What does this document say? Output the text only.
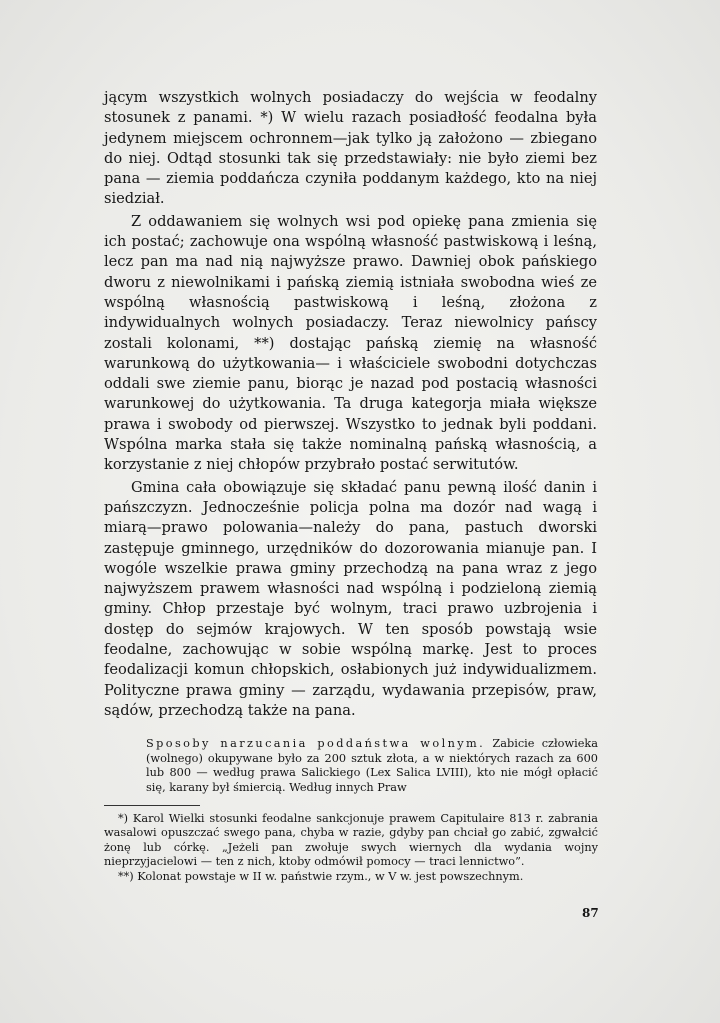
jącym wszystkich wolnych posiadaczy do wejścia w feodalny stosunek z panami. *) W wielu razach posiadłość feodalna była jedynem miejscem ochronnem—jak tylko ją założono — zbiegano do niej. Odtąd stosunki tak się przedstawiały: nie było ziemi bez pana — ziemia poddańcza czyniła poddanym każdego, kto na niej siedział.

Z oddawaniem się wolnych wsi pod opiekę pana zmienia się ich postać; zachowuje ona wspólną własność pastwiskową i leśną, lecz pan ma nad nią najwyższe prawo. Dawniej obok pańskiego dworu z niewolnikami i pańską ziemią istniała swobodna wieś ze wspólną własnością pastwiskową i leśną, złożona z indywidualnych wolnych posiadaczy. Teraz niewolnicy pańscy zostali kolonami, **) dostając pańską ziemię na własność warunkową do użytkowania— i właściciele swobodni dotychczas oddali swe ziemie panu, biorąc je nazad pod postacią własności warunkowej do użytkowania. Ta druga kategorja miała większe prawa i swobody od pierwszej. Wszystko to jednak byli poddani. Wspólna marka stała się także nominalną pańską własnością, a korzystanie z niej chłopów przybrało postać serwitutów.

Gmina cała obowiązuje się składać panu pewną ilość danin i pańszczyzn. Jednocześnie policja polna ma dozór nad wagą i miarą—prawo polowania—należy do pana, pastuch dworski zastępuje gminnego, urzędników do dozorowania mianuje pan. I wogóle wszelkie prawa gminy przechodzą na pana wraz z jego najwyższem prawem własności nad wspólną i podzieloną ziemią gminy. Chłop przestaje być wolnym, traci prawo uzbrojenia i dostęp do sejmów krajowych. W ten sposób powstają wsie feodalne, zachowując w sobie wspólną markę. Jest to proces feodalizacji komun chłopskich, osłabionych już indywidualizmem. Polityczne prawa gminy — zarządu, wydawania przepisów, praw, sądów, przechodzą także na pana.

Sposoby narzucania poddaństwa wolnym. Zabicie człowieka (wolnego) okupywane było za 200 sztuk złota, a w niektórych razach za 600 lub 800 — według prawa Salickiego (Lex Salica LVIII), kto nie mógł opłacić się, karany był śmiercią. Według innych Praw

*) Karol Wielki stosunki feodalne sankcjonuje prawem Capitulaire 813 r. zabrania wasalowi opuszczać swego pana, chyba w razie, gdyby pan chciał go zabić, zgwałcić żonę lub córkę. „Jeżeli pan zwołuje swych wiernych dla wydania wojny nieprzyjacielowi — ten z nich, ktoby odmówił pomocy — traci lennictwo”.

**) Kolonat powstaje w II w. państwie rzym., w V w. jest powszechnym.

87
